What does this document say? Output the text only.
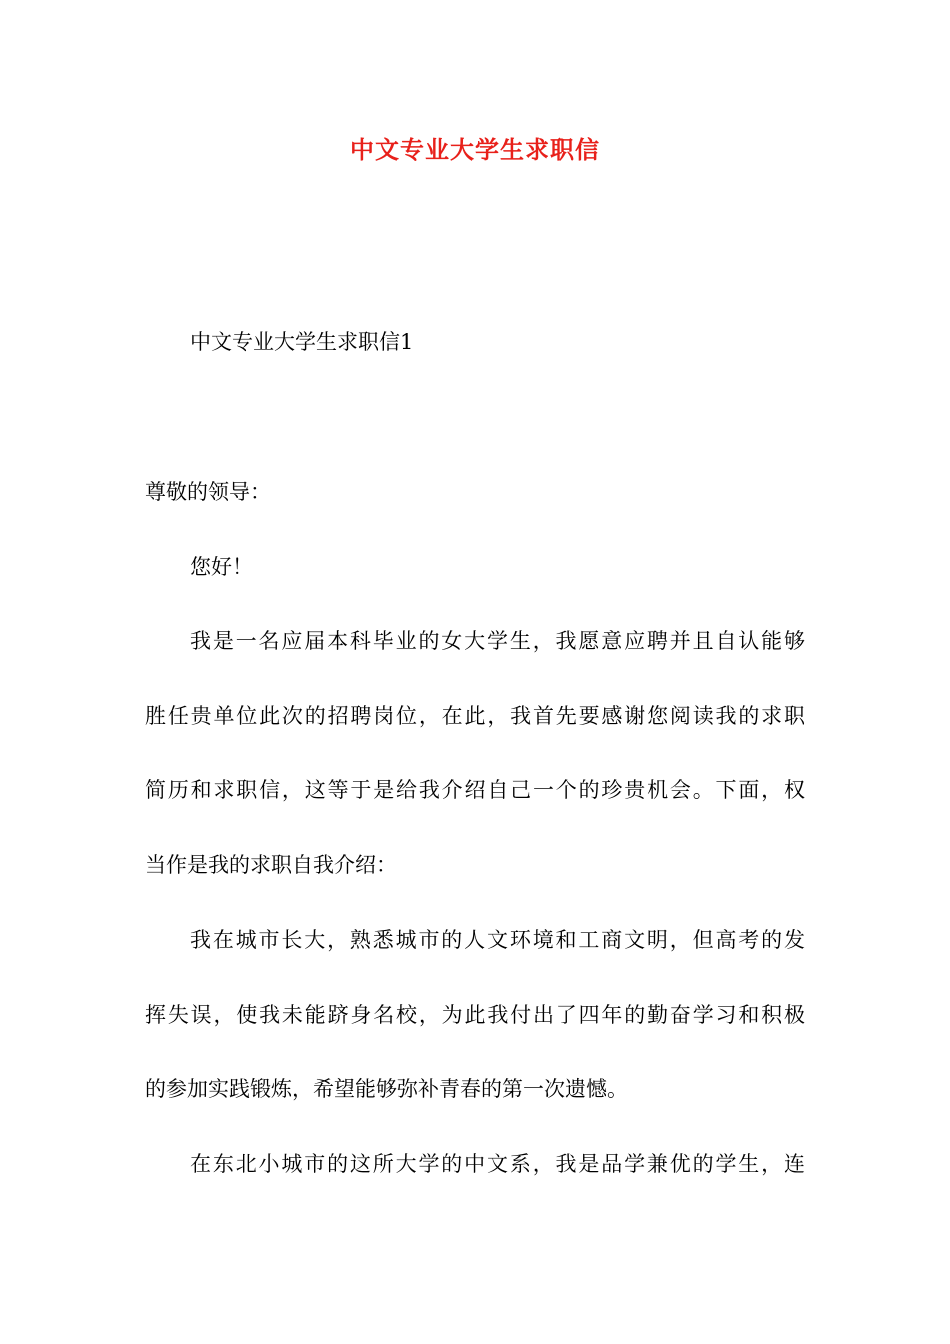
中文专业大学生求职信

中文专业大学生求职信1

尊敬的领导：

您好！

我是一名应届本科毕业的女大学生，我愿意应聘并且自认能够
胜任贵单位此次的招聘岗位，在此，我首先要感谢您阅读我的求职
简历和求职信，这等于是给我介绍自己一个的珍贵机会。下面，权
当作是我的求职自我介绍：
我在城市长大，熟悉城市的人文环境和工商文明，但高考的发
挥失误，使我未能跻身名校，为此我付出了四年的勤奋学习和积极
的参加实践锻炼，希望能够弥补青春的第一次遗憾。
在东北小城市的这所大学的中文系，我是品学兼优的学生，连
